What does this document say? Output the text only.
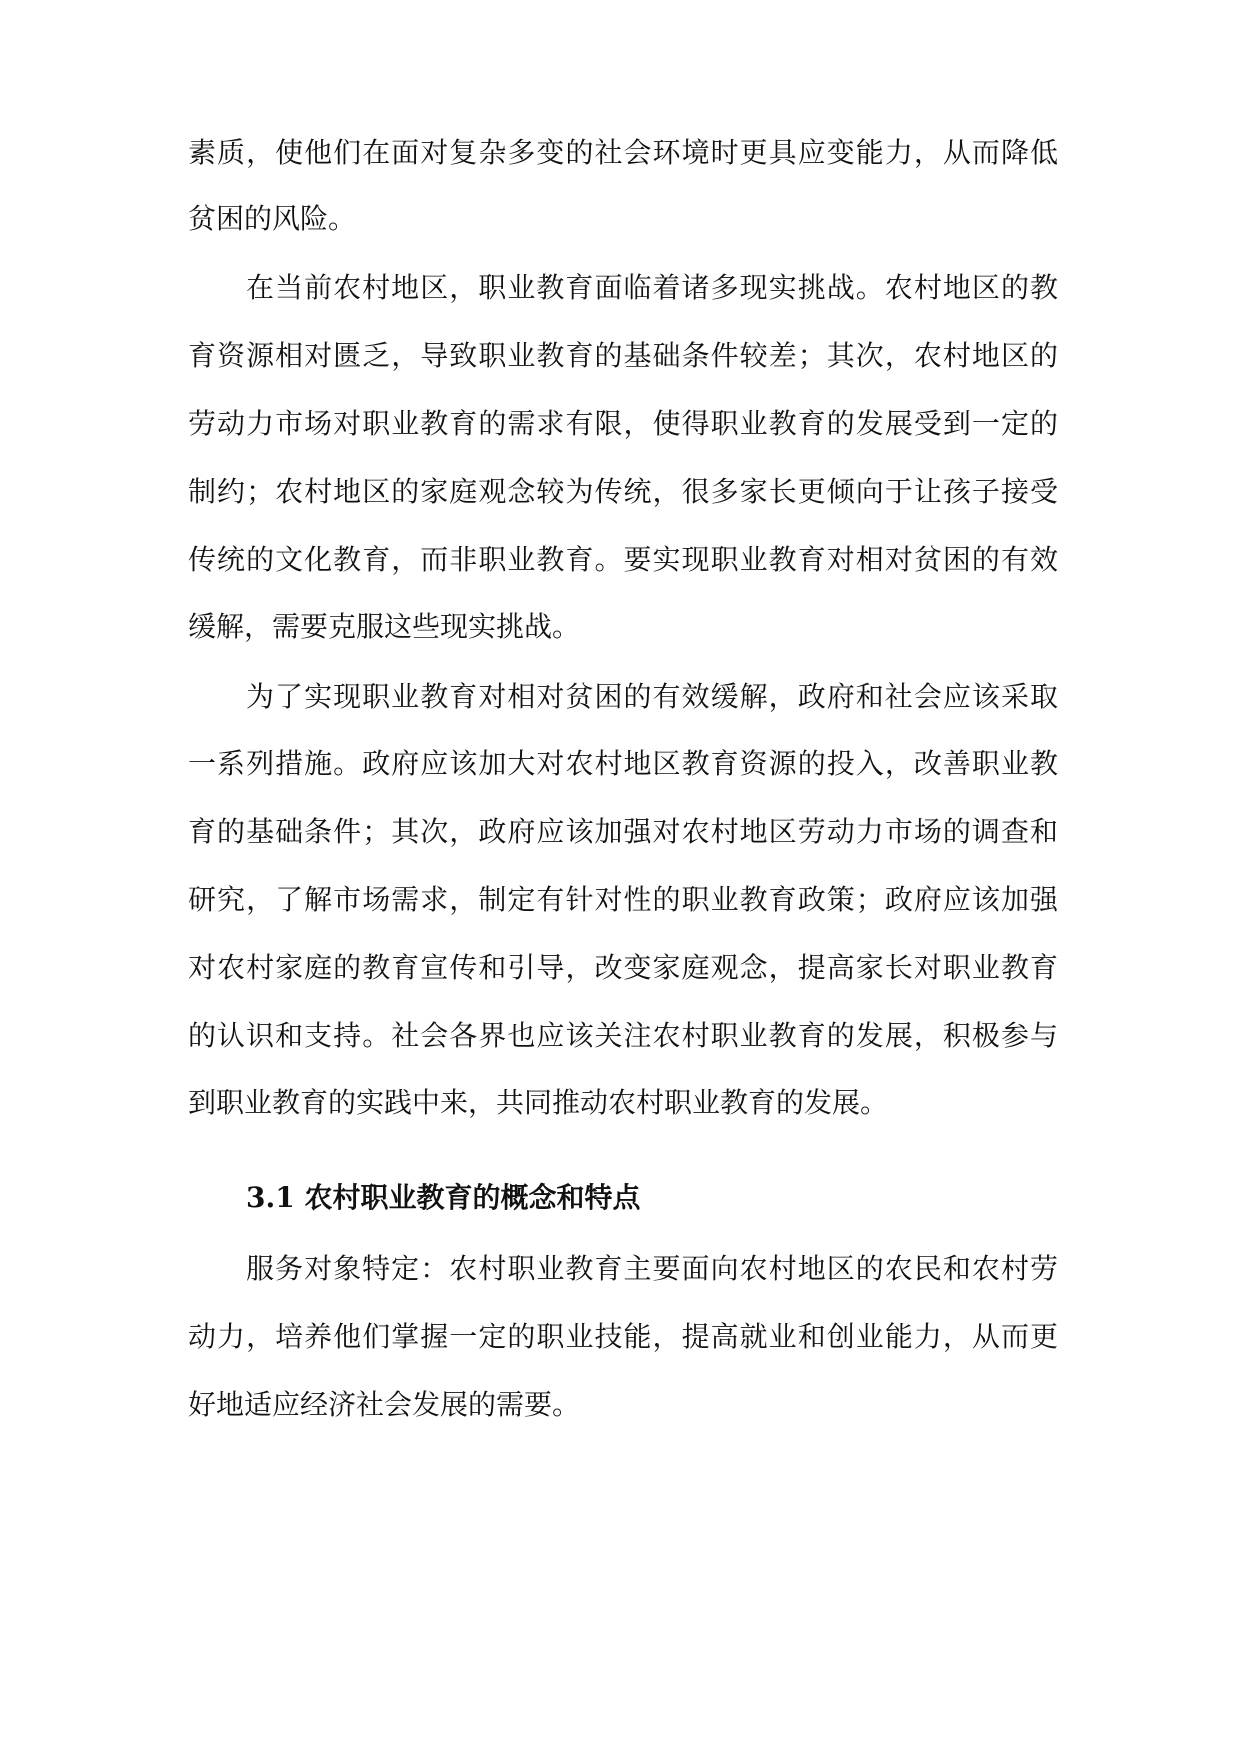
素质，使他们在面对复杂多变的社会环境时更具应变能力，从而降低
贫困的风险。
在当前农村地区，职业教育面临着诸多现实挑战。农村地区的教
育资源相对匮乏，导致职业教育的基础条件较差；其次，农村地区的
劳动力市场对职业教育的需求有限，使得职业教育的发展受到一定的
制约；农村地区的家庭观念较为传统，很多家长更倾向于让孩子接受
传统的文化教育，而非职业教育。要实现职业教育对相对贫困的有效
缓解，需要克服这些现实挑战。
为了实现职业教育对相对贫困的有效缓解，政府和社会应该采取
一系列措施。政府应该加大对农村地区教育资源的投入，改善职业教
育的基础条件；其次，政府应该加强对农村地区劳动力市场的调查和
研究，了解市场需求，制定有针对性的职业教育政策；政府应该加强
对农村家庭的教育宣传和引导，改变家庭观念，提高家长对职业教育
的认识和支持。社会各界也应该关注农村职业教育的发展，积极参与
到职业教育的实践中来，共同推动农村职业教育的发展。
3.1 农村职业教育的概念和特点
服务对象特定：农村职业教育主要面向农村地区的农民和农村劳
动力，培养他们掌握一定的职业技能，提高就业和创业能力，从而更
好地适应经济社会发展的需要。
